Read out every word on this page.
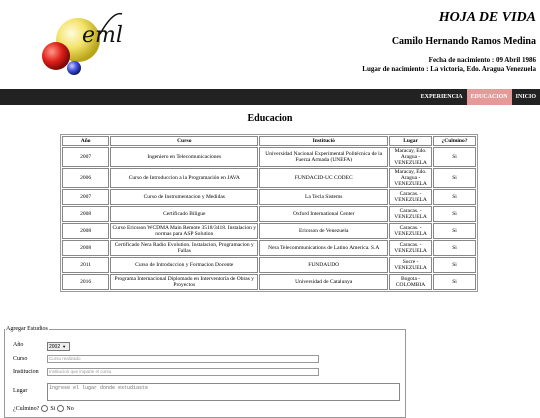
eml
HOJA DE VIDA
Camilo Hernando Ramos Medina
Fecha de nacimiento : 09 Abril 1986
Lugar de nacimiento : La victoria, Edo. Aragua Venezuela
EXPERIENCIA	EDUCACION	INICIO
Educacion
Año	Curso	Instituciò	Lugar	¿Culmino?
2007	Ingeniero en Telecomunicaciones	Universidad Nacional Experimental Politécnica de la Fuerza Armada (UNEFA)	Maracay, Edo. Aragua - VENEZUELA	Si
2006	Curso de Introduccion a la Programación en JAVA	FUNDACID-UC CODEC	Maracay, Edo. Aragua - VENEZUELA	Si
2007	Curso de Instrumentacion y Medidas	La Tecla Sistems	Caracas. - VENEZUELA	Si
2008	Certificado Biligue	Oxford International Center	Caracas. - VENEZUELA	Si
2008	Curso Ericsson WCDMA Main Remote 3518/3418. Instalacion y normas para ASP Solution	Ericsson de Venezuela	Caracas. - VENEZUELA	Si
2008	Certificado Nera Radio Evolution. Instalacion, Programacion y Fallas	Nera Telecommunications de Latino America. S.A	Caracas. - VENEZUELA	Si
2011	Curso de Introduccion y Formacion Docente	FUNDAUDO	Sucre - VENEZUELA	Si
2016	Programa Internacional Diplomado en Interventoría de Obras y Proyectos	Universidad de Catalunya	Bogota - COLOMBIA	Si
Agregar Estudios
Año	2002 ▼
Curso	Curso realizado
Institucion	Institucion que imparte el curso.
Lugar
Ingrese el lugar donde estudiaste
¿Culmino? Si No
